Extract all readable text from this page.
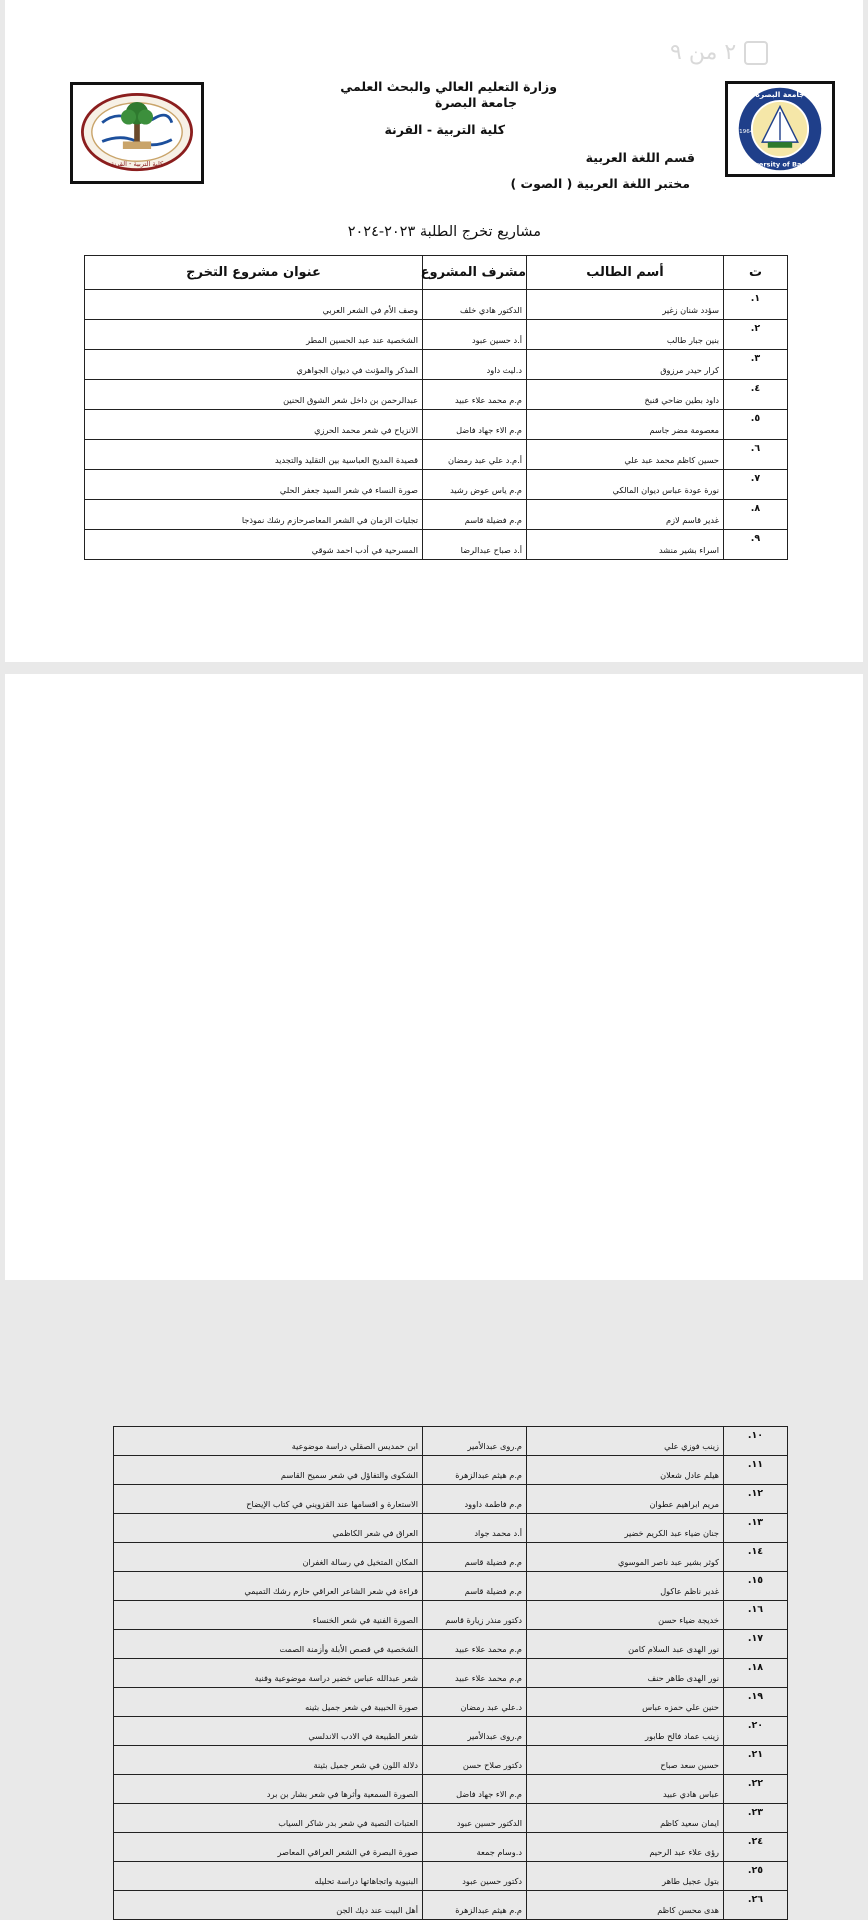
٢ من ٩
كلية التربية - القرنة
جامعة البصرة
University of Basrah
1964
وزارة التعليم العالي والبحث العلمي
جامعة البصرة
كلية التربية - القرنة
قسم اللغة العربية
مختبر اللغة العربية ( الصوت )
مشاريع تخرج الطلبة ٢٠٢٣-٢٠٢٤
ت	أسم الطالب	مشرف المشروع	عنوان مشروع التخرج
١.	سؤدد شنان زغير	الدكتور هادي خلف	وصف الأم في الشعر العربي
٢.	بنين جبار طالب	أ.د حسين عبود	الشخصية عند عبد الحسين المطر
٣.	كرار حيدر مرزوق	د.ليث داود	المذكر والمؤنث في ديوان الجواهري
٤.	داود بطين ضاحي قنبخ	م.م محمد علاء عبيد	عبدالرحمن بن داخل شعر الشوق الحنين
٥.	معصومة مضر جاسم	م.م الاء جهاد فاضل	الانزياح في شعر محمد الحرزي
٦.	حسين كاظم محمد عبد علي	أ.م.د علي عبد رمضان	قصيدة المديح العباسية بين التقليد والتجديد
٧.	نورة عودة عباس ديوان المالكي	م.م ياس عوض رشيد	صورة النساء في شعر السيد جعفر الحلي
٨.	غدير قاسم لازم	م.م فضيلة قاسم	تجليات الزمان في الشعر المعاصرحازم رشك نموذجا
٩.	اسراء بشير منشد	أ.د صباح عبدالرضا	المسرحية في أدب احمد شوقي
١٠.	زينب فوزي علي	م.روى عبدالأمير	ابن حمديس الصقلي دراسة موضوعية
١١.	هيلم عادل شعلان	م.م هيثم عبدالزهرة	الشكوى والتفاؤل في شعر سميح القاسم
١٢.	مريم ابراهيم عطوان	م.م فاطمة داوود	الاستعارة و اقسامها عند القزويني في كتاب الإيضاح
١٣.	جنان ضياء عبد الكريم خضير	أ.د محمد جواد	العراق في شعر الكاظمي
١٤.	كوثر بشير عبد ناصر الموسوي	م.م فضيلة قاسم	المكان المتخيل في رسالة الغفران
١٥.	غدير ناظم عاكول	م.م فضيلة قاسم	قراءة في شعر الشاعر العراقي حازم رشك التميمي
١٦.	خديجة ضياء حسن	دكتور منذر زيارة قاسم	الصورة الفنية في شعر الخنساء
١٧.	نور الهدى عبد السلام كامن	م.م محمد علاء عبيد	الشخصية في قصص الأبلة وأزمنة الصمت
١٨.	نور الهدى طاهر حنف	م.م محمد علاء عبيد	شعر عبدالله عباس خضير دراسة موضوعية وفنية
١٩.	حنين علي حمزه عباس	د.علي عبد رمضان	صورة الحبيبة في شعر جميل بثينه
٢٠.	زينب عماد فالح طابور	م.روى عبدالأمير	شعر الطبيعة في الادب الاندلسي
٢١.	حسين سعد صباح	دكتور صلاح حسن	دلالة اللون في شعر جميل بثينة
٢٢.	عباس هادي عبيد	م.م الاء جهاد فاضل	الصورة السمعية وأثرها في شعر بشار بن برد
٢٣.	ايمان سعيد كاظم	الدكتور حسين عبود	العتبات النصية في شعر بدر شاكر السياب
٢٤.	رؤى علاء عبد الرحيم	د.وسام جمعة	صورة البصرة في الشعر العراقي المعاصر
٢٥.	بتول عجيل طاهر	دكتور حسين عبود	البنيوية واتجاهاتها دراسة تحليله
٢٦.	هدى محسن كاظم	م.م هيثم عبدالزهرة	أهل البيت عند ديك الجن
